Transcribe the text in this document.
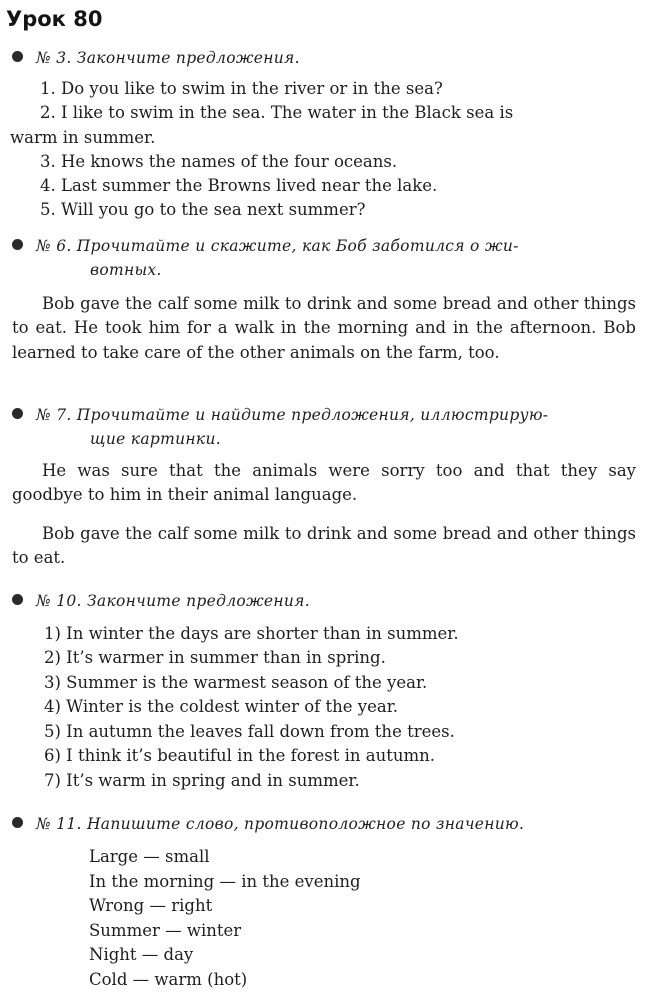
Урок 80
№ 3. Закончите предложения.
1. Do you like to swim in the river or in the sea?
2. I like to swim in the sea. The water in the Black sea is
warm in summer.
3. He knows the names of the four oceans.
4. Last summer the Browns lived near the lake.
5. Will you go to the sea next summer?
№ 6. Прочитайте и скажите, как Боб заботился о жи-
вотных.
Bob gave the calf some milk to drink and some bread and other things to eat. He took him for a walk in the morning and in the afternoon. Bob learned to take care of the other animals on the farm, too.
№ 7. Прочитайте и найдите предложения, иллюстрирую-
щие картинки.
He was sure that the animals were sorry too and that they say goodbye to him in their animal language.
Bob gave the calf some milk to drink and some bread and other things to eat.
№ 10. Закончите предложения.
1) In winter the days are shorter than in summer.
2) It’s warmer in summer than in spring.
3) Summer is the warmest season of the year.
4) Winter is the coldest winter of the year.
5) In autumn the leaves fall down from the trees.
6) I think it’s beautiful in the forest in autumn.
7) It’s warm in spring and in summer.
№ 11. Напишите слово, противоположное по значению.
Large — small
In the morning — in the evening
Wrong — right
Summer — winter
Night — day
Cold — warm (hot)
